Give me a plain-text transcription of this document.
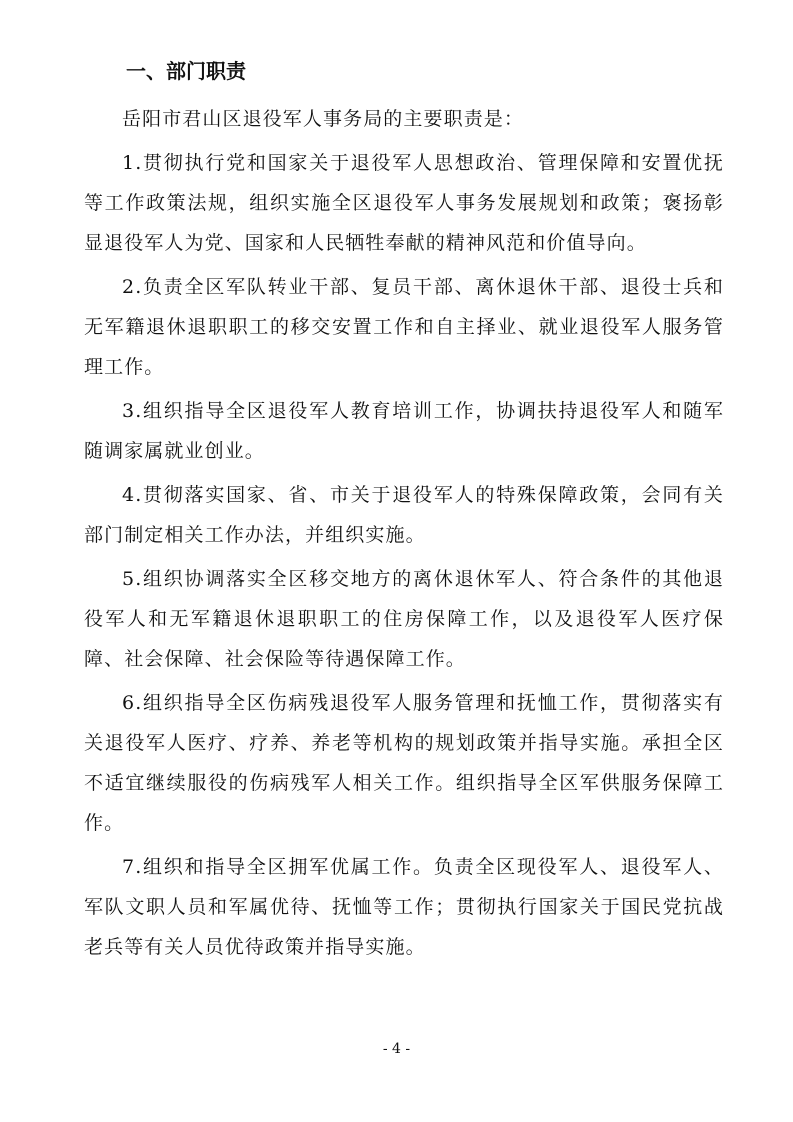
一、部门职责

岳阳市君山区退役军人事务局的主要职责是：

1.贯彻执行党和国家关于退役军人思想政治、管理保障和安置优抚等工作政策法规，组织实施全区退役军人事务发展规划和政策；褒扬彰显退役军人为党、国家和人民牺牲奉献的精神风范和价值导向。

2.负责全区军队转业干部、复员干部、离休退休干部、退役士兵和无军籍退休退职职工的移交安置工作和自主择业、就业退役军人服务管理工作。

3.组织指导全区退役军人教育培训工作，协调扶持退役军人和随军随调家属就业创业。

4.贯彻落实国家、省、市关于退役军人的特殊保障政策，会同有关部门制定相关工作办法，并组织实施。

5.组织协调落实全区移交地方的离休退休军人、符合条件的其他退役军人和无军籍退休退职职工的住房保障工作，以及退役军人医疗保障、社会保障、社会保险等待遇保障工作。

6.组织指导全区伤病残退役军人服务管理和抚恤工作，贯彻落实有关退役军人医疗、疗养、养老等机构的规划政策并指导实施。承担全区不适宜继续服役的伤病残军人相关工作。组织指导全区军供服务保障工作。

7.组织和指导全区拥军优属工作。负责全区现役军人、退役军人、军队文职人员和军属优待、抚恤等工作；贯彻执行国家关于国民党抗战老兵等有关人员优待政策并指导实施。

- 4 -
